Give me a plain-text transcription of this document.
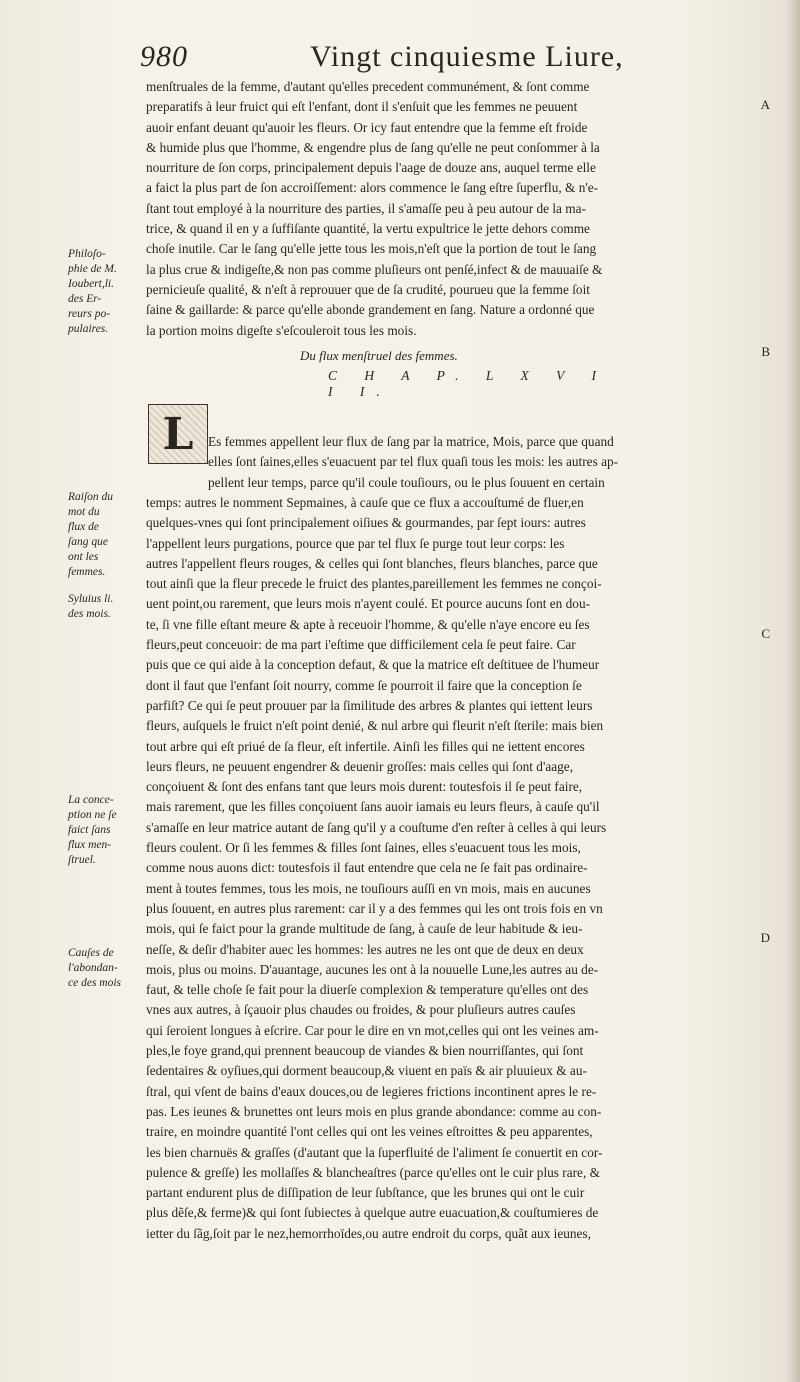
980	Vingt cinquiesme Liure,

menſtruales de la femme, d'autant qu'elles precedent communément, & ſont comme

preparatifs à leur fruict qui eſt l'enfant, dont il s'enſuit que les femmes ne peuuent

auoir enfant deuant qu'auoir les fleurs. Or icy faut entendre que la femme eſt froide

& humide plus que l'homme, & engendre plus de ſang qu'elle ne peut conſommer à la

nourriture de ſon corps, principalement depuis l'aage de douze ans, auquel terme elle

a faict la plus part de ſon accroiſſement: alors commence le ſang eſtre ſuperflu, & n'e-

ſtant tout employé à la nourriture des parties, il s'amaſſe peu à peu autour de la ma-

trice, & quand il en y a ſuffiſante quantité, la vertu expultrice le jette dehors comme

choſe inutile. Car le ſang qu'elle jette tous les mois,n'eſt que la portion de tout le ſang

la plus crue & indigeſte,& non pas comme pluſieurs ont penſé,infect & de mauuaiſe &

pernicieuſe qualité, & n'eſt à reprouuer que de ſa crudité, pourueu que la femme ſoit

ſaine & gaillarde: & parce qu'elle abonde grandement en ſang. Nature a ordonné que

la portion moins digeſte s'eſcouleroit tous les mois.

Philoſo-
phie de M.
Ioubert,li.
des Er-
reurs po-
pulaires.
A
B
C
D
Du flux menſtruel des femmes.
C H A P. L X V I I I.
L	Es femmes appellent leur flux de ſang par la matrice, Mois, parce que quand

elles ſont ſaines,elles s'euacuent par tel flux quaſi tous les mois: les autres ap-

pellent leur temps, parce qu'il coule touſiours, ou le plus ſouuent en certain

Raiſon du
mot du
flux de
ſang que
ont les
femmes.
Syluius li.
des mois.
La conce-
ption ne ſe
faict ſans
flux men-
ſtruel.
Cauſes de
l'abondan-
ce des mois

temps: autres le nomment Sepmaines, à cauſe que ce flux a accouſtumé de fluer,en

quelques-vnes qui ſont principalement oiſiues & gourmandes, par ſept iours: autres

l'appellent leurs purgations, pource que par tel flux ſe purge tout leur corps: les

autres l'appellent fleurs rouges, & celles qui ſont blanches, fleurs blanches, parce que

tout ainſi que la fleur precede le fruict des plantes,pareillement les femmes ne conçoi-

uent point,ou rarement, que leurs mois n'ayent coulé. Et pource aucuns ſont en dou-

te, ſi vne fille eſtant meure & apte à receuoir l'homme, & qu'elle n'aye encore eu ſes

fleurs,peut conceuoir: de ma part i'eſtime que difficilement cela ſe peut faire. Car

puis que ce qui aide à la conception defaut, & que la matrice eſt deſtituee de l'humeur

dont il faut que l'enfant ſoit nourry, comme ſe pourroit il faire que la conception ſe

parfiſt? Ce qui ſe peut prouuer par la ſimilitude des arbres & plantes qui iettent leurs

fleurs, auſquels le fruict n'eſt point denié, & nul arbre qui fleurit n'eſt ſterile: mais bien

tout arbre qui eſt priué de ſa fleur, eſt infertile. Ainſi les filles qui ne iettent encores

leurs fleurs, ne peuuent engendrer & deuenir groſſes: mais celles qui ſont d'aage,

conçoiuent & ſont des enfans tant que leurs mois durent: toutesfois il ſe peut faire,

mais rarement, que les filles conçoiuent ſans auoir iamais eu leurs fleurs, à cauſe qu'il

s'amaſſe en leur matrice autant de ſang qu'il y a couſtume d'en reſter à celles à qui leurs

fleurs coulent. Or ſi les femmes & filles ſont ſaines, elles s'euacuent tous les mois,

comme nous auons dict: toutesfois il faut entendre que cela ne ſe fait pas ordinaire-

ment à toutes femmes, tous les mois, ne touſiours auſſi en vn mois, mais en aucunes

plus ſouuent, en autres plus rarement: car il y a des femmes qui les ont trois fois en vn

mois, qui ſe faict pour la grande multitude de ſang, à cauſe de leur habitude & ieu-

neſſe, & deſir d'habiter auec les hommes: les autres ne les ont que de deux en deux

mois, plus ou moins. D'auantage, aucunes les ont à la nouuelle Lune,les autres au de-

faut, & telle choſe ſe fait pour la diuerſe complexion & temperature qu'elles ont des

vnes aux autres, à ſçauoir plus chaudes ou froides, & pour pluſieurs autres cauſes

qui ſeroient longues à eſcrire. Car pour le dire en vn mot,celles qui ont les veines am-

ples,le foye grand,qui prennent beaucoup de viandes & bien nourriſſantes, qui ſont

ſedentaires & oyſiues,qui dorment beaucoup,& viuent en païs & air pluuieux & au-

ſtral, qui vſent de bains d'eaux douces,ou de legieres frictions incontinent apres le re-

pas. Les ieunes & brunettes ont leurs mois en plus grande abondance: comme au con-

traire, en moindre quantité l'ont celles qui ont les veines eſtroittes & peu apparentes,

les bien charnuës & graſſes (d'autant que la ſuperfluité de l'aliment ſe conuertit en cor-

pulence & greſſe) les mollaſſes & blancheaſtres (parce qu'elles ont le cuir plus rare, &

partant endurent plus de diſſipation de leur ſubſtance, que les brunes qui ont le cuir

plus dẽſe,& ferme)& qui ſont ſubiectes à quelque autre euacuation,& couſtumieres de

ietter du ſãg,ſoit par le nez,hemorrhoïdes,ou autre endroit du corps, quãt aux ieunes,
